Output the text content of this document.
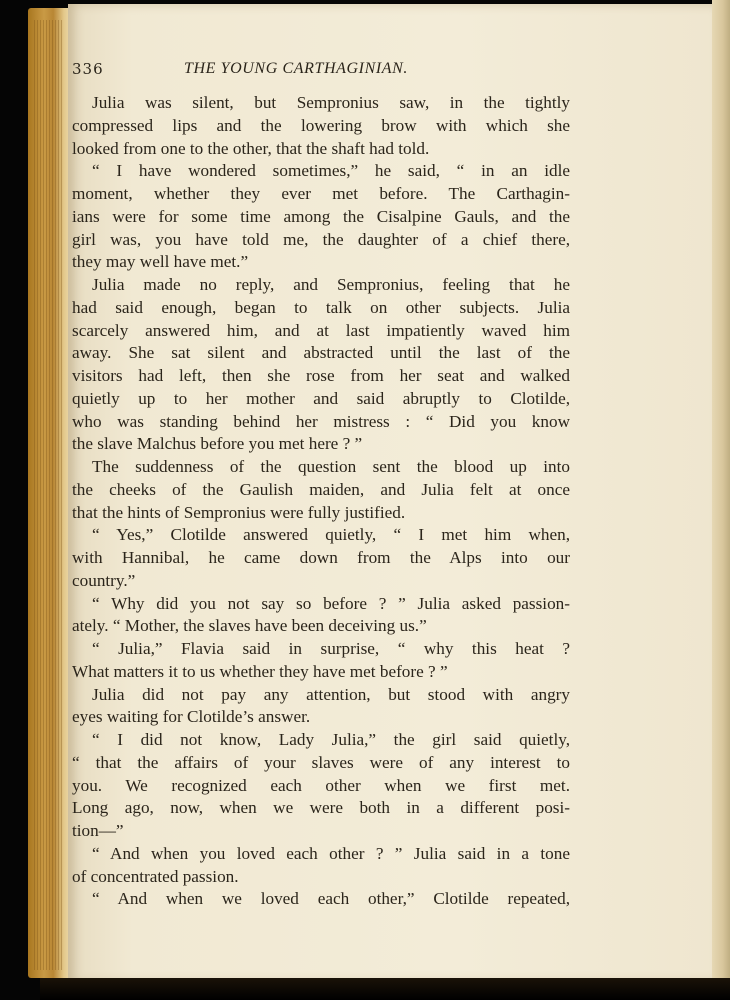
336	THE YOUNG CARTHAGINIAN.
Julia was silent, but Sempronius saw, in the tightly
compressed lips and the lowering brow with which she
looked from one to the other, that the shaft had told.
“ I have wondered sometimes,” he said, “ in an idle
moment, whether they ever met before. The Carthagin-
ians were for some time among the Cisalpine Gauls, and the
girl was, you have told me, the daughter of a chief there,
they may well have met.”
Julia made no reply, and Sempronius, feeling that he
had said enough, began to talk on other subjects. Julia
scarcely answered him, and at last impatiently waved him
away. She sat silent and abstracted until the last of the
visitors had left, then she rose from her seat and walked
quietly up to her mother and said abruptly to Clotilde,
who was standing behind her mistress : “ Did you know
the slave Malchus before you met here ? ”
The suddenness of the question sent the blood up into
the cheeks of the Gaulish maiden, and Julia felt at once
that the hints of Sempronius were fully justified.
“ Yes,” Clotilde answered quietly, “ I met him when,
with Hannibal, he came down from the Alps into our
country.”
“ Why did you not say so before ? ” Julia asked passion-
ately. “ Mother, the slaves have been deceiving us.”
“ Julia,” Flavia said in surprise, “ why this heat ?
What matters it to us whether they have met before ? ”
Julia did not pay any attention, but stood with angry
eyes waiting for Clotilde’s answer.
“ I did not know, Lady Julia,” the girl said quietly,
“ that the affairs of your slaves were of any interest to
you. We recognized each other when we first met.
Long ago, now, when we were both in a different posi-
tion—”
“ And when you loved each other ? ” Julia said in a tone
of concentrated passion.
“ And when we loved each other,” Clotilde repeated,
